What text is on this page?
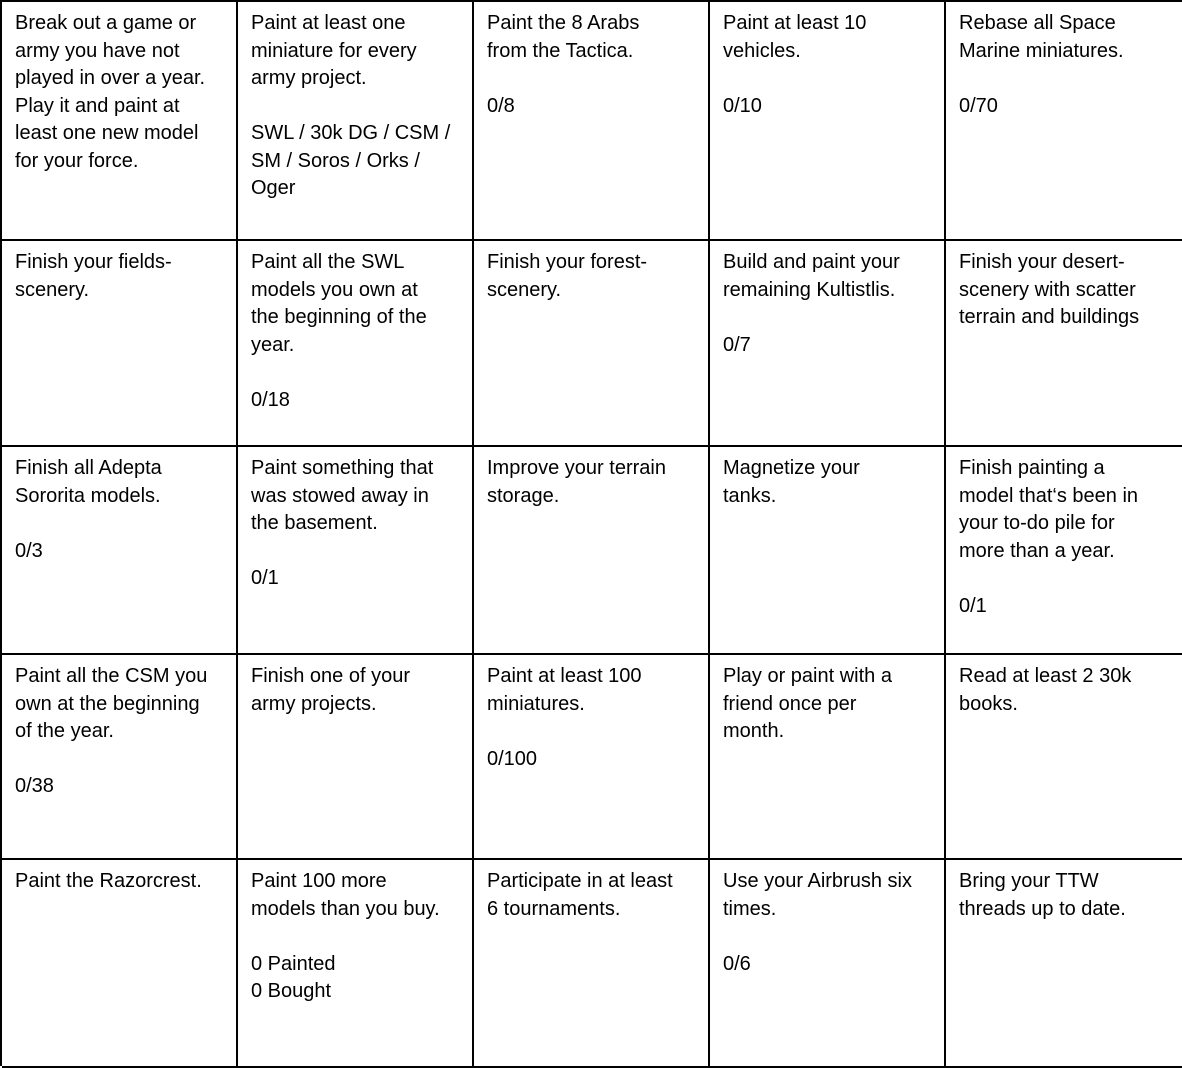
Break out a game or
army you have not
played in over a year.
Play it and paint at
least one new model
for your force.
Paint at least one
miniature for every
army project.
SWL / 30k DG / CSM /
SM / Soros / Orks /
Oger
Paint the 8 Arabs
from the Tactica.
0/8
Paint at least 10
vehicles.
0/10
Rebase all Space
Marine miniatures.
0/70
Finish your fields-
scenery.
Paint all the SWL
models you own at
the beginning of the
year.
0/18
Finish your forest-
scenery.
Build and paint your
remaining Kultistlis.
0/7
Finish your desert-
scenery with scatter
terrain and buildings
Finish all Adepta
Sororita models.
0/3
Paint something that
was stowed away in
the basement.
0/1
Improve your terrain
storage.
Magnetize your
tanks.
Finish painting a
model that‘s been in
your to-do pile for
more than a year.
0/1
Paint all the CSM you
own at the beginning
of the year.
0/38
Finish one of your
army projects.
Paint at least 100
miniatures.
0/100
Play or paint with a
friend once per
month.
Read at least 2 30k
books.
Paint the Razorcrest.	Paint 100 more
models than you buy.
0 Painted
0 Bought
Participate in at least
6 tournaments.
Use your Airbrush six
times.
0/6
Bring your TTW
threads up to date.
